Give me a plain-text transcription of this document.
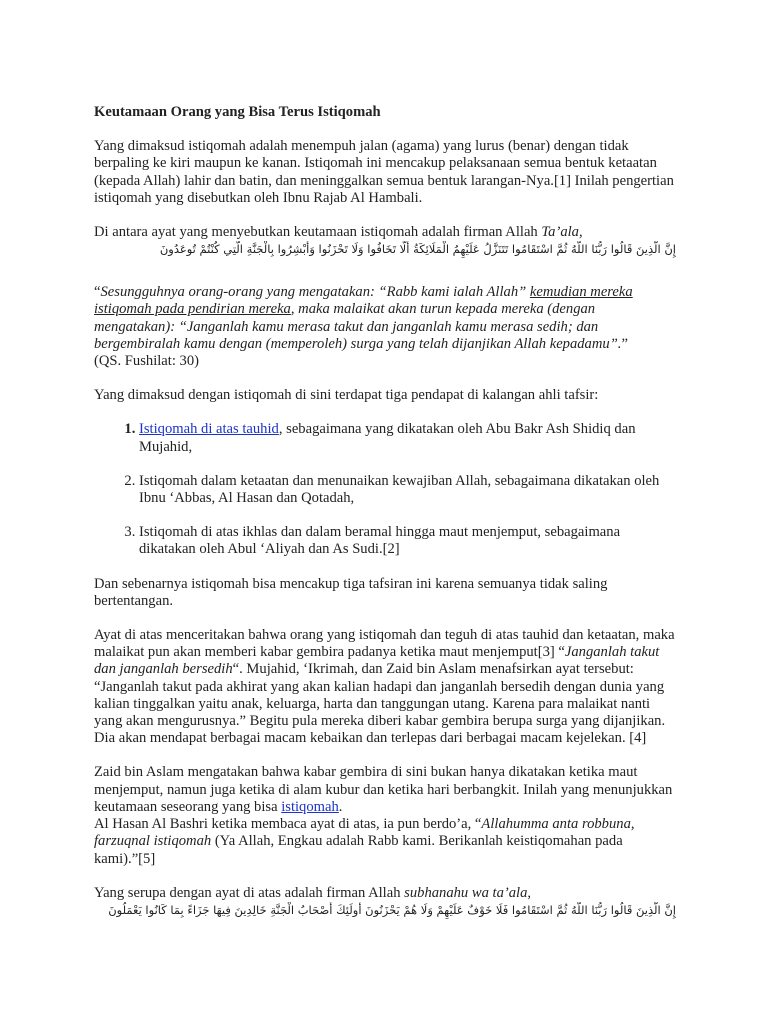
Keutamaan Orang yang Bisa Terus Istiqomah
Yang dimaksud istiqomah adalah menempuh jalan (agama) yang lurus (benar) dengan tidak berpaling ke kiri maupun ke kanan. Istiqomah ini mencakup pelaksanaan semua bentuk ketaatan (kepada Allah) lahir dan batin, dan meninggalkan semua bentuk larangan-Nya.[1] Inilah pengertian istiqomah yang disebutkan oleh Ibnu Rajab Al Hambali.
Di antara ayat yang menyebutkan keutamaan istiqomah adalah firman Allah Ta’ala,
إِنَّ الَّذِينَ قَالُوا رَبُّنَا اللَّهُ ثُمَّ اسْتَقَامُوا تَتَنَزَّلُ عَلَيْهِمُ الْمَلَائِكَةُ أَلَّا تَخَافُوا وَلَا تَحْزَنُوا وَأَبْشِرُوا بِالْجَنَّةِ الَّتِي كُنْتُمْ تُوعَدُونَ
“Sesungguhnya orang-orang yang mengatakan: “Rabb kami ialah Allah” kemudian mereka istiqomah pada pendirian mereka, maka malaikat akan turun kepada mereka (dengan mengatakan): “Janganlah kamu merasa takut dan janganlah kamu merasa sedih; dan bergembiralah kamu dengan (memperoleh) surga yang telah dijanjikan Allah kepadamu”.”
(QS. Fushilat: 30)
Yang dimaksud dengan istiqomah di sini terdapat tiga pendapat di kalangan ahli tafsir:
1. Istiqomah di atas tauhid, sebagaimana yang dikatakan oleh Abu Bakr Ash Shidiq dan Mujahid,
2. Istiqomah dalam ketaatan dan menunaikan kewajiban Allah, sebagaimana dikatakan oleh Ibnu ‘Abbas, Al Hasan dan Qotadah,
3. Istiqomah di atas ikhlas dan dalam beramal hingga maut menjemput, sebagaimana dikatakan oleh Abul ‘Aliyah dan As Sudi.[2]
Dan sebenarnya istiqomah bisa mencakup tiga tafsiran ini karena semuanya tidak saling bertentangan.
Ayat di atas menceritakan bahwa orang yang istiqomah dan teguh di atas tauhid dan ketaatan, maka malaikat pun akan memberi kabar gembira padanya ketika maut menjemput[3] “Janganlah takut dan janganlah bersedih“. Mujahid, ‘Ikrimah, dan Zaid bin Aslam menafsirkan ayat tersebut: “Janganlah takut pada akhirat yang akan kalian hadapi dan janganlah bersedih dengan dunia yang kalian tinggalkan yaitu anak, keluarga, harta dan tanggungan utang. Karena para malaikat nanti yang akan mengurusnya.” Begitu pula mereka diberi kabar gembira berupa surga yang dijanjikan. Dia akan mendapat berbagai macam kebaikan dan terlepas dari berbagai macam kejelekan. [4]
Zaid bin Aslam mengatakan bahwa kabar gembira di sini bukan hanya dikatakan ketika maut menjemput, namun juga ketika di alam kubur dan ketika hari berbangkit. Inilah yang menunjukkan keutamaan seseorang yang bisa istiqomah.
Al Hasan Al Bashri ketika membaca ayat di atas, ia pun berdo’a, “Allahumma anta robbuna, farzuqnal istiqomah (Ya Allah, Engkau adalah Rabb kami. Berikanlah keistiqomahan pada kami).”[5]
Yang serupa dengan ayat di atas adalah firman Allah subhanahu wa ta’ala,
إِنَّ الَّذِينَ قَالُوا رَبُّنَا اللَّهُ ثُمَّ اسْتَقَامُوا فَلَا خَوْفٌ عَلَيْهِمْ وَلَا هُمْ يَحْزَنُونَ أُولَئِكَ أَصْحَابُ الْجَنَّةِ خَالِدِينَ فِيهَا جَزَاءً بِمَا كَانُوا يَعْمَلُونَ
